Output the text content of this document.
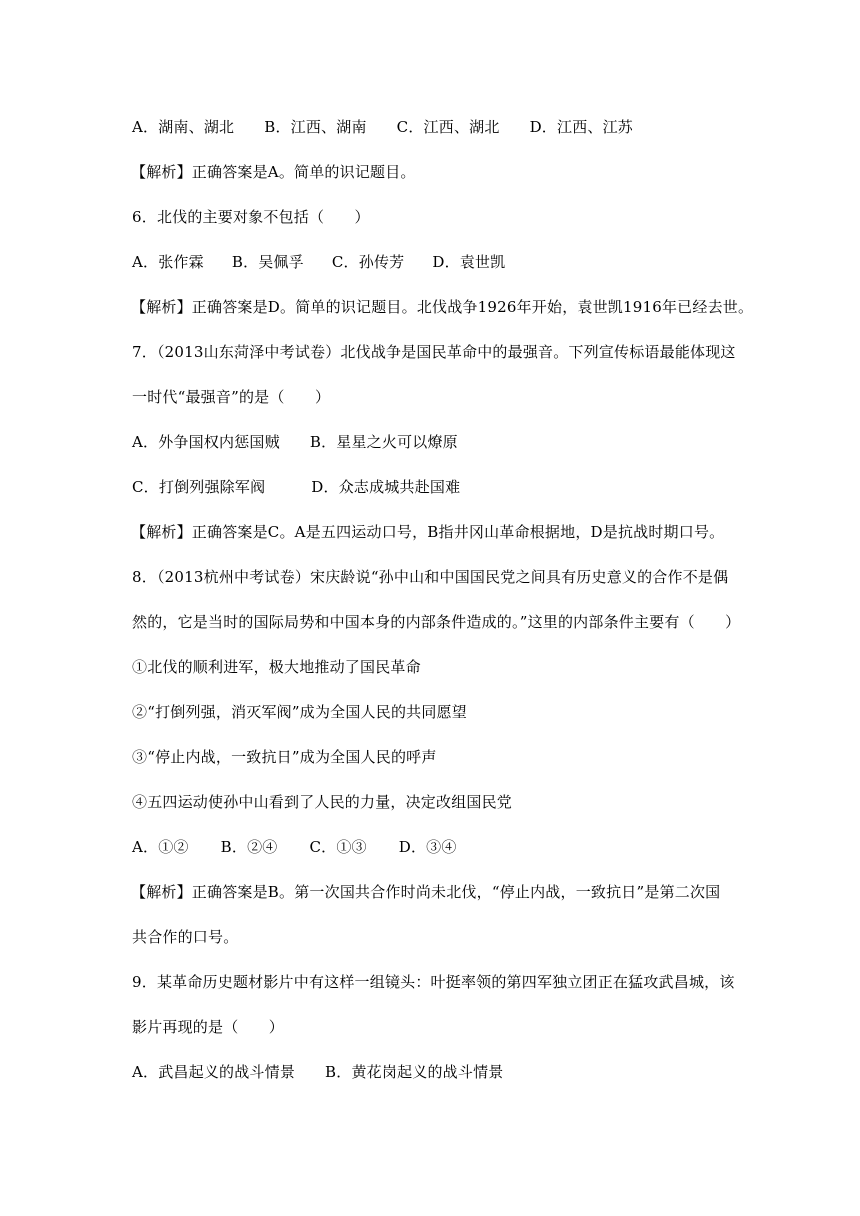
A．湖南、湖北 B．江西、湖南 C．江西、湖北 D．江西、江苏
【解析】正确答案是A。简单的识记题目。
6．北伐的主要对象不包括（　　）
A．张作霖 B．吴佩孚 C．孙传芳 D．袁世凯
【解析】正确答案是D。简单的识记题目。北伐战争1926年开始，袁世凯1916年已经去世。
7．（2013山东菏泽中考试卷）北伐战争是国民革命中的最强音。下列宣传标语最能体现这
一时代“最强音”的是（　　）
A．外争国权内惩国贼 B．星星之火可以燎原
C．打倒列强除军阀	D．众志成城共赴国难
【解析】正确答案是C。A是五四运动口号，B指井冈山革命根据地，D是抗战时期口号。
8．（2013杭州中考试卷）宋庆龄说“孙中山和中国国民党之间具有历史意义的合作不是偶
然的，它是当时的国际局势和中国本身的内部条件造成的。”这里的内部条件主要有（　　）
①北伐的顺利进军，极大地推动了国民革命
②“打倒列强，消灭军阀”成为全国人民的共同愿望
③“停止内战，一致抗日”成为全国人民的呼声
④五四运动使孙中山看到了人民的力量，决定改组国民党
A．①② B．②④ C．①③ D．③④
【解析】正确答案是B。第一次国共合作时尚未北伐，“停止内战，一致抗日”是第二次国
共合作的口号。
9．某革命历史题材影片中有这样一组镜头：叶挺率领的第四军独立团正在猛攻武昌城，该
影片再现的是（　　）
A．武昌起义的战斗情景 B．黄花岗起义的战斗情景
